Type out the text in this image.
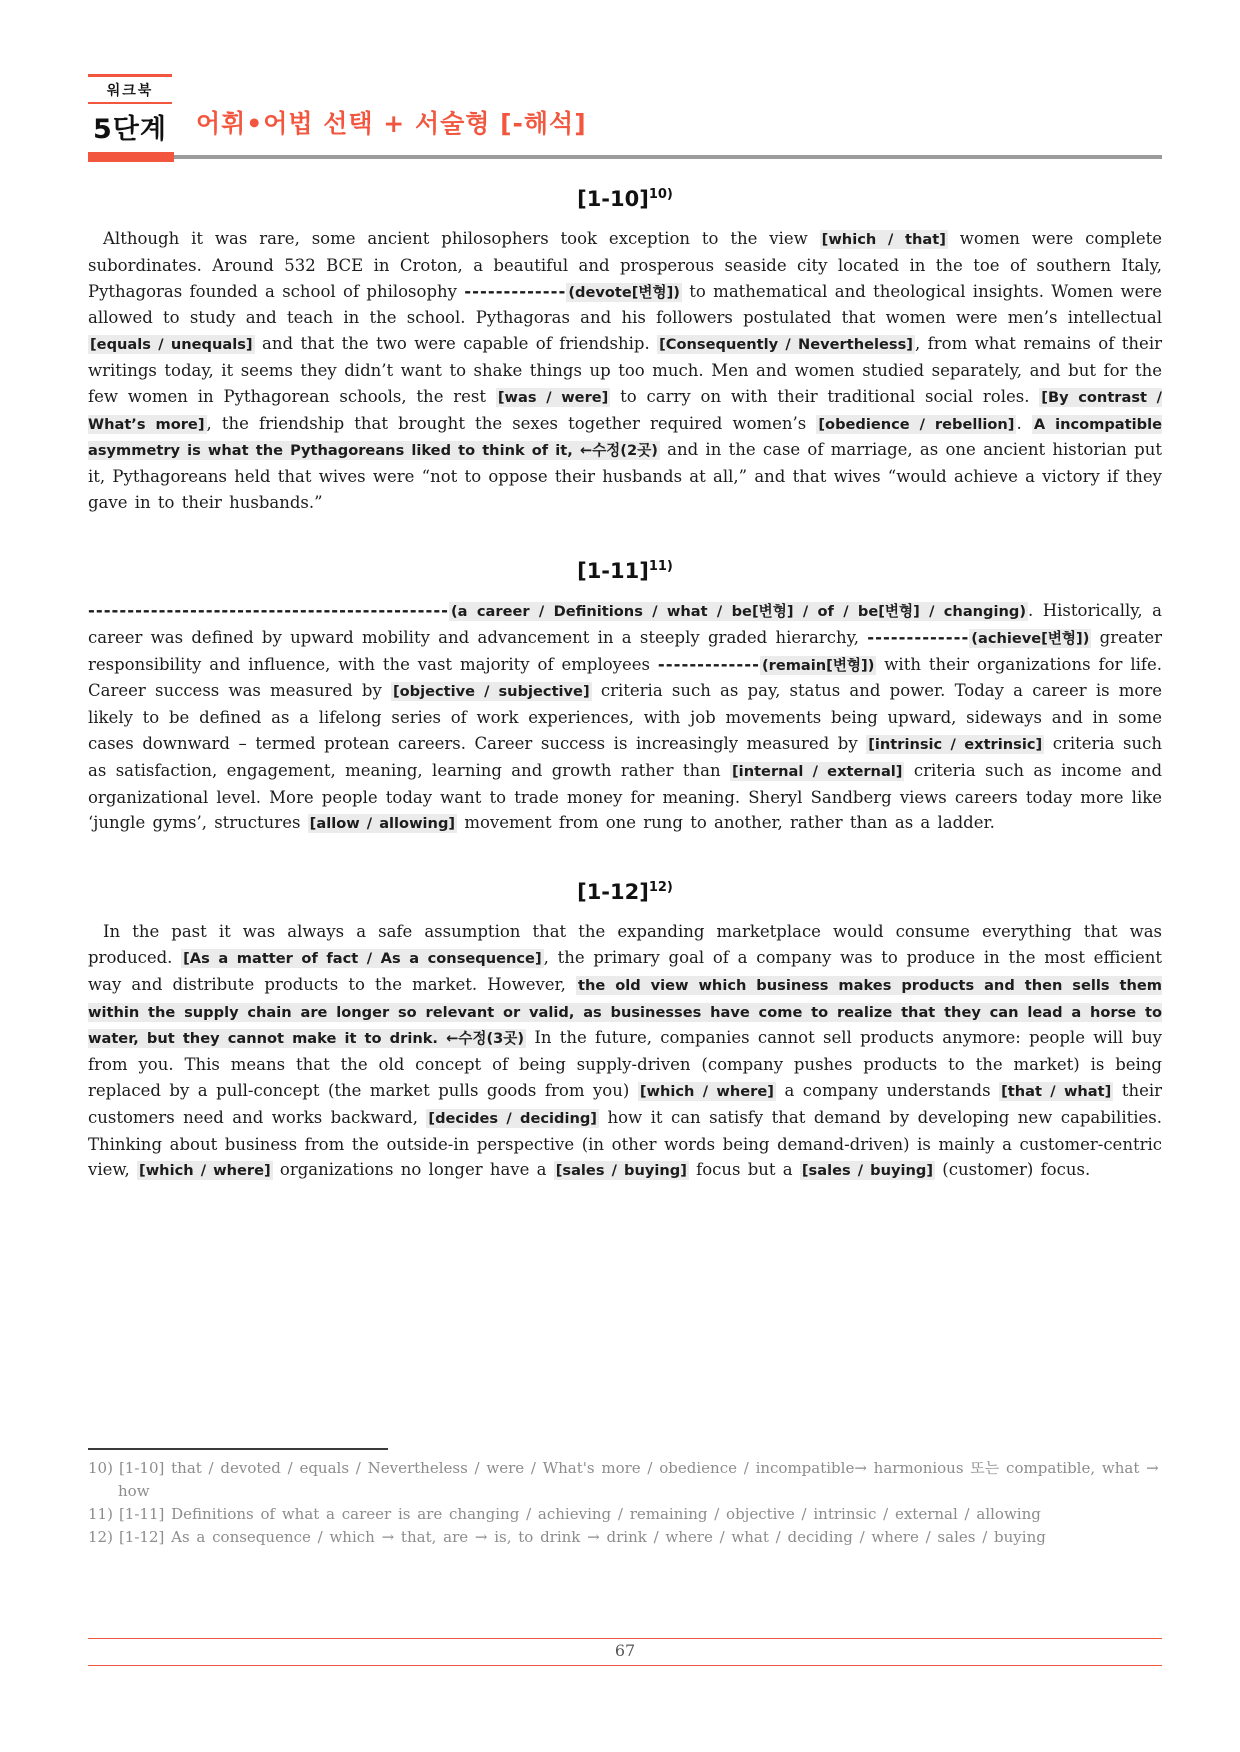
워크북
5단계	어휘•어법 선택 + 서술형 [-해석]
$[1-10]^{10)}$

Although it was rare, some ancient philosophers took exception to the view [which / that] women were complete subordinates. Around 532 BCE in Croton, a beautiful and prosperous seaside city located in the toe of southern Italy, Pythagoras founded a school of philosophy ------------- (devote[변형]) to mathematical and theological insights. Women were allowed to study and teach in the school. Pythagoras and his followers postulated that women were men’s intellectual [equals / unequals] and that the two were capable of friendship. [Consequently / Nevertheless] , from what remains of their writings today, it seems they didn’t want to shake things up too much. Men and women studied separately, and but for the few women in Pythagorean schools, the rest [was / were] to carry on with their traditional social roles. [By contrast / What’s more] , the friendship that brought the sexes together required women’s [obedience / rebellion] . A incompatible asymmetry is what the Pythagoreans liked to think of it, ←수정(2곳) and in the case of marriage, as one ancient historian put it, Pythagoreans held that wives were “not to oppose their husbands at all,” and that wives “would achieve a victory if they gave in to their husbands.”

$[1-11]^{11)}$

---------------------------------------------- (a career / Definitions / what / be[변형] / of / be[변형] / changing) . Historically, a career was defined by upward mobility and advancement in a steeply graded hierarchy, ------------- (achieve[변형]) greater responsibility and influence, with the vast majority of employees ------------- (remain[변형]) with their organizations for life. Career success was measured by [objective / subjective] criteria such as pay, status and power. Today a career is more likely to be defined as a lifelong series of work experiences, with job movements being upward, sideways and in some cases downward – termed protean careers. Career success is increasingly measured by [intrinsic / extrinsic] criteria such as satisfaction, engagement, meaning, learning and growth rather than [internal / external] criteria such as income and organizational level. More people today want to trade money for meaning. Sheryl Sandberg views careers today more like ‘jungle gyms’, structures [allow / allowing] movement from one rung to another, rather than as a ladder.

$[1-12]^{12)}$

In the past it was always a safe assumption that the expanding marketplace would consume everything that was produced. [As a matter of fact / As a consequence] , the primary goal of a company was to produce in the most efficient way and distribute products to the market. However, the old view which business makes products and then sells them within the supply chain are longer so relevant or valid, as businesses have come to realize that they can lead a horse to water, but they cannot make it to drink. ←수정(3곳) In the future, companies cannot sell products anymore: people will buy from you. This means that the old concept of being supply-driven (company pushes products to the market) is being replaced by a pull-concept (the market pulls goods from you) [which / where] a company understands [that / what] their customers need and works backward, [decides / deciding] how it can satisfy that demand by developing new capabilities. Thinking about business from the outside-in perspective (in other words being demand-driven) is mainly a customer-centric view, [which / where] organizations no longer have a [sales / buying] focus but a [sales / buying] (customer) focus.

10) [1-10] that / devoted / equals / Nevertheless / were / What's more / obedience / incompatible→ harmonious 또는 compatible, what → how
11) [1-11] Definitions of what a career is are changing / achieving / remaining / objective / intrinsic / external / allowing
12) [1-12] As a consequence / which → that, are → is, to drink → drink / where / what / deciding / where / sales / buying
67
